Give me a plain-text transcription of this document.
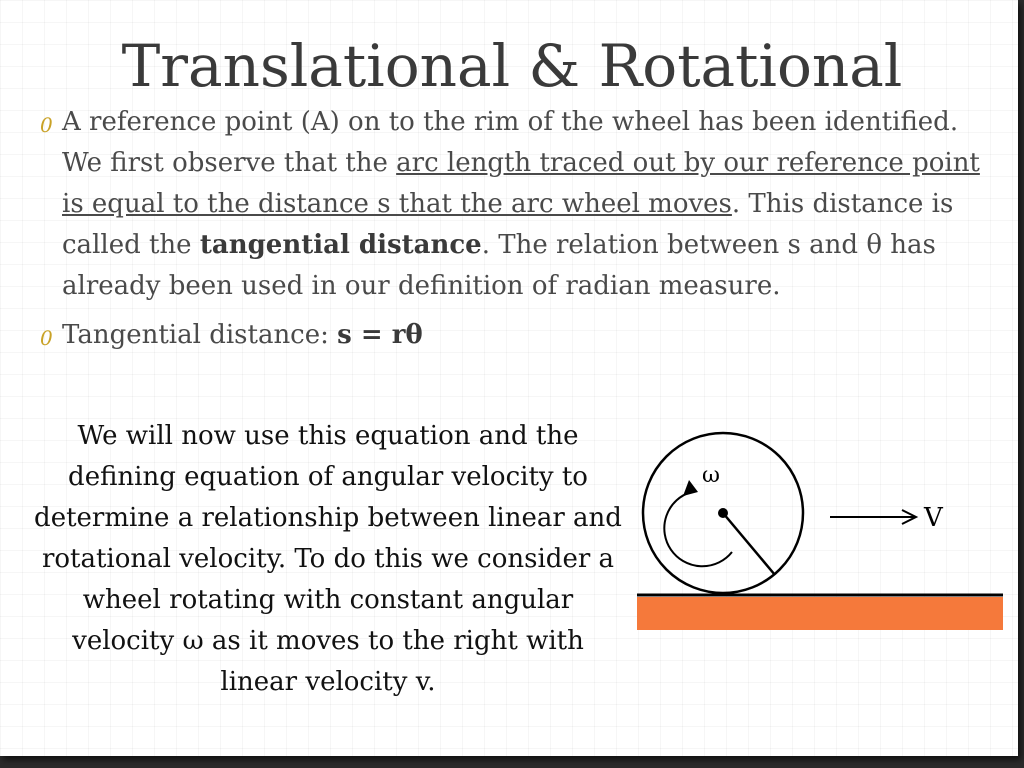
Translational & Rotational
0 A reference point (A) on to the rim of the wheel has been identified. We first observe that the arc length traced out by our reference point is equal to the distance s that the arc wheel moves. This distance is called the tangential distance. The relation between s and θ has already been used in our definition of radian measure.
0 Tangential distance: s = rθ
We will now use this equation and the defining equation of angular velocity to determine a relationship between linear and rotational velocity. To do this we consider a wheel rotating with constant angular velocity ω as it moves to the right with linear velocity v.
ω
V
